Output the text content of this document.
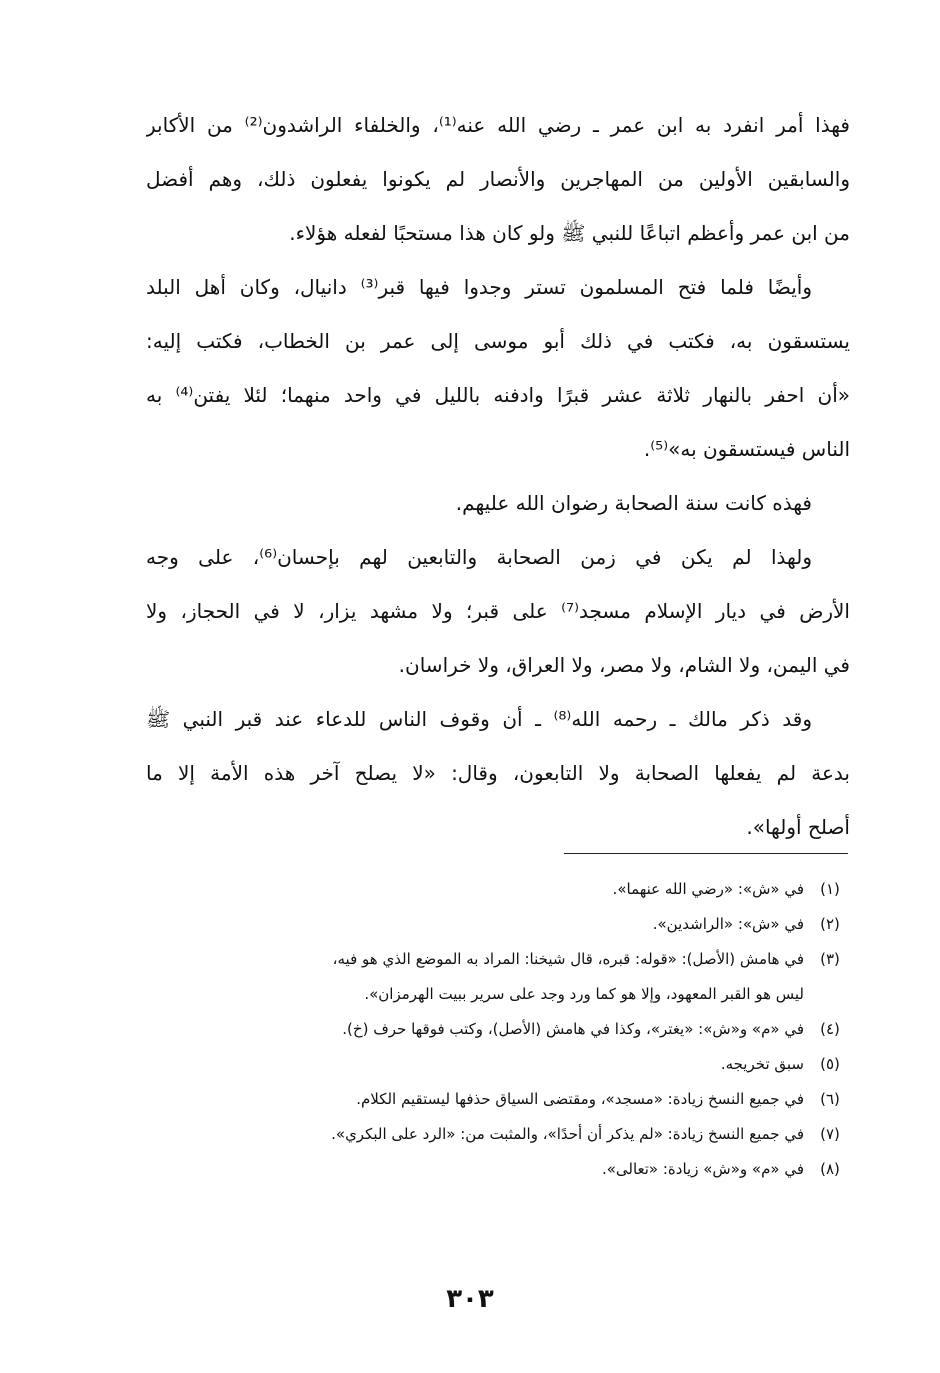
فهذا أمر انفرد به ابن عمر ـ رضي الله عنه⁽¹⁾، والخلفاء الراشدون⁽²⁾ من الأكابر
والسابقين الأولين من المهاجرين والأنصار لم يكونوا يفعلون ذلك، وهم أفضل
من ابن عمر وأعظم اتباعًا للنبي ﷺ ولو كان هذا مستحبًا لفعله هؤلاء.
وأيضًا فلما فتح المسلمون تستر وجدوا فيها قبر⁽³⁾ دانيال، وكان أهل البلد
يستسقون به، فكتب في ذلك أبو موسى إلى عمر بن الخطاب، فكتب إليه:
«أن احفر بالنهار ثلاثة عشر قبرًا وادفنه بالليل في واحد منهما؛ لئلا يفتن⁽⁴⁾ به
الناس فيستسقون به»⁽⁵⁾.
فهذه كانت سنة الصحابة رضوان الله عليهم.
ولهذا لم يكن في زمن الصحابة والتابعين لهم بإحسان⁽⁶⁾، على وجه
الأرض في ديار الإسلام مسجد⁽⁷⁾ على قبر؛ ولا مشهد يزار، لا في الحجاز، ولا
في اليمن، ولا الشام، ولا مصر، ولا العراق، ولا خراسان.
وقد ذكر مالك ـ رحمه الله⁽⁸⁾ ـ أن وقوف الناس للدعاء عند قبر النبي ﷺ
بدعة لم يفعلها الصحابة ولا التابعون، وقال: «لا يصلح آخر هذه الأمة إلا ما
أصلح أولها».
(١)
في «ش»: «رضي الله عنهما».
(٢)
في «ش»: «الراشدين».
(٣)
في هامش (الأصل): «قوله: قبره، قال شيخنا: المراد به الموضع الذي هو فيه،
ليس هو القبر المعهود، وإلا هو كما ورد وجد على سرير ببيت الهرمزان».
(٤)
في «م» و«ش»: «يغتر»، وكذا في هامش (الأصل)، وكتب فوقها حرف (خ).
(٥)
سبق تخريجه.
(٦)
في جميع النسخ زيادة: «مسجد»، ومقتضى السياق حذفها ليستقيم الكلام.
(٧)
في جميع النسخ زيادة: «لم يذكر أن أحدًا»، والمثبت من: «الرد على البكري».
(٨)
في «م» و«ش» زيادة: «تعالى».
٣٠٣
